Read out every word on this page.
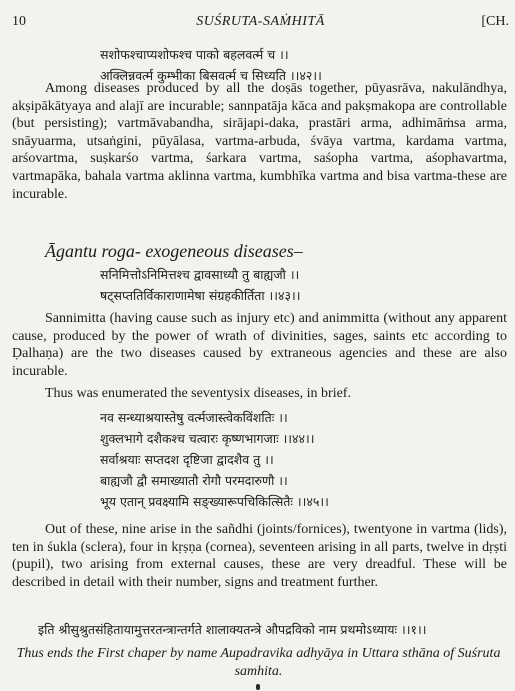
10	SUŚRUTA-SAṀHITĀ	[CH.
सशोफश्चाप्यशोफश्च पाको बहलवर्त्म च ।।
अक्लिन्नवर्त्म कुम्भीका बिसवर्त्म च सिध्यति ।।४२।।

Among diseases produced by all the doṣās together, pūyasrāva, nakulāndhya, akṣipākātyaya and alajī are incurable; sannpatāja kāca and pakṣmakopa are controllable (but persisting); vartmāvabandha, sirājapi-daka, prastāri arma, adhimāṁsa arma, snāyuarma, utsaṅgini, pūyālasa, vartma-arbuda, śvāya vartma, kardama vartma, arśovartma, suṣkarśo vartma, śarkara vartma, saśopha vartma, aśophavartma, vartmapāka, bahala vartma aklinna vartma, kumbhīka vartma and bisa vartma-these are incurable.

Āgantu roga- exogeneous diseases–
सनिमित्तोऽनिमित्तश्च द्वावसाध्यौ तु बाह्यजौ ।।
षट्सप्ततिर्विकाराणामेषा संग्रहकीर्तिता ।।४३।।

Sannimitta (having cause such as injury etc) and animmitta (without any apparent cause, produced by the power of wrath of divinities, sages, saints etc according to Ḍalhaṇa) are the two diseases caused by extraneous agencies and these are also incurable.

Thus was enumerated the seventysix diseases, in brief.
नव सन्ध्याश्रयास्तेषु वर्त्मजास्त्वेकविंशतिः ।।
शुक्लभागे दशैकश्च चत्वारः कृष्णभागजाः ।।४४।।
सर्वाश्रयाः सप्तदश दृष्टिजा द्वादशैव तु ।।
बाह्यजौ द्वौ समाख्यातौ रोगौ परमदारुणौ ।।
भूय एतान् प्रवक्ष्यामि सङ्ख्यारूपचिकित्सितैः ।।४५।।

Out of these, nine arise in the sañdhi (joints/fornices), twentyone in vartma (lids), ten in śukla (sclera), four in kṛṣṇa (cornea), seventeen arising in all parts, twelve in dṛṣti (pupil), two arising from external causes, these are very dreadful. These will be described in detail with their number, signs and treatment further.

इति श्रीसुश्रुतसंहितायामुत्तरतन्त्रान्तर्गते शालाक्यतन्त्रे औपद्रविको नाम प्रथमोऽध्यायः ।।१।।

Thus ends the First chaper by name Aupadravika adhyāya in Uttara sthāna of Suśruta samhita.
